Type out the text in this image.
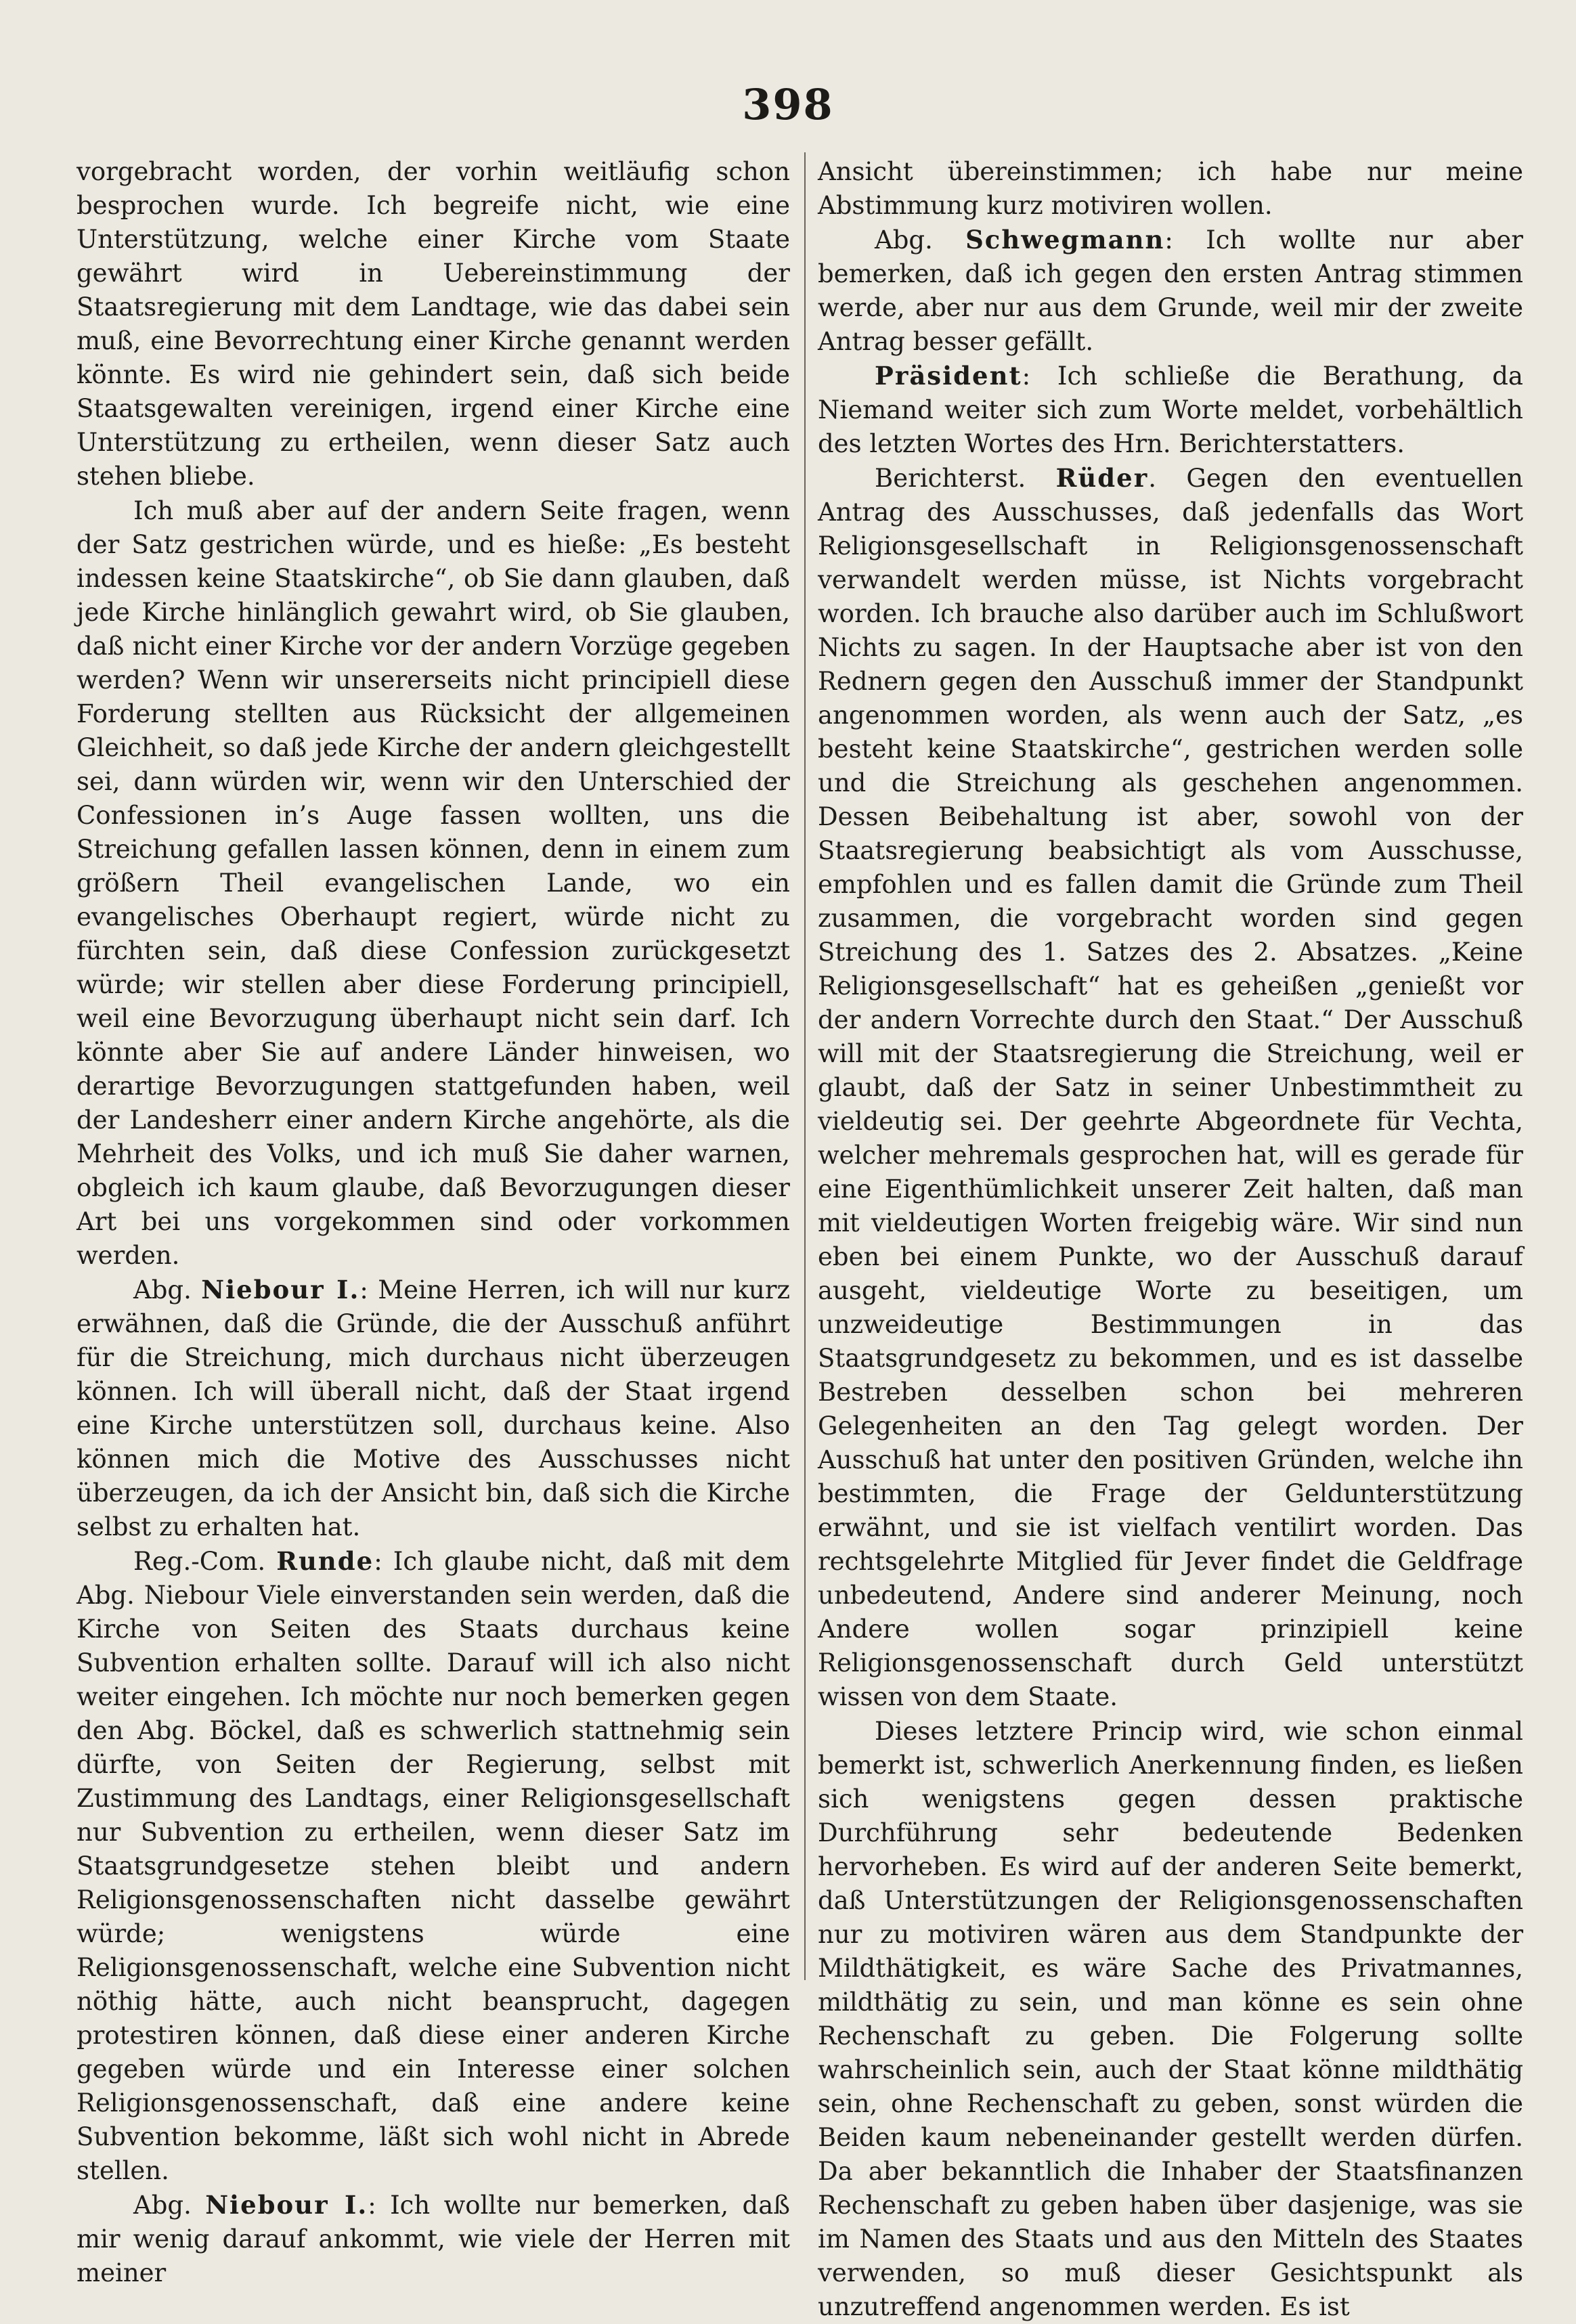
398

vorgebracht worden, der vorhin weitläufig schon besprochen wurde. Ich begreife nicht, wie eine Unterstützung, welche einer Kirche vom Staate gewährt wird in Uebereinstimmung der Staatsregierung mit dem Landtage, wie das dabei sein muß, eine Bevorrechtung einer Kirche genannt werden könnte. Es wird nie gehindert sein, daß sich beide Staatsgewalten vereinigen, irgend einer Kirche eine Unterstützung zu ertheilen, wenn dieser Satz auch stehen bliebe.

Ich muß aber auf der andern Seite fragen, wenn der Satz gestrichen würde, und es hieße: „Es besteht indessen keine Staatskirche“, ob Sie dann glauben, daß jede Kirche hinlänglich gewahrt wird, ob Sie glauben, daß nicht einer Kirche vor der andern Vorzüge gegeben werden? Wenn wir unsererseits nicht principiell diese Forderung stellten aus Rücksicht der allgemeinen Gleichheit, so daß jede Kirche der andern gleichgestellt sei, dann würden wir, wenn wir den Unterschied der Confessionen in’s Auge fassen wollten, uns die Streichung gefallen lassen können, denn in einem zum größern Theil evangelischen Lande, wo ein evangelisches Oberhaupt regiert, würde nicht zu fürchten sein, daß diese Confession zurückgesetzt würde; wir stellen aber diese Forderung principiell, weil eine Bevorzugung überhaupt nicht sein darf. Ich könnte aber Sie auf andere Länder hinweisen, wo derartige Bevorzugungen stattgefunden haben, weil der Landesherr einer andern Kirche angehörte, als die Mehrheit des Volks, und ich muß Sie daher warnen, obgleich ich kaum glaube, daß Bevorzugungen dieser Art bei uns vorgekommen sind oder vorkommen werden.

Abg. Niebour I.: Meine Herren, ich will nur kurz erwähnen, daß die Gründe, die der Ausschuß anführt für die Streichung, mich durchaus nicht überzeugen können. Ich will überall nicht, daß der Staat irgend eine Kirche unterstützen soll, durchaus keine. Also können mich die Motive des Ausschusses nicht überzeugen, da ich der Ansicht bin, daß sich die Kirche selbst zu erhalten hat.

Reg.-Com. Runde: Ich glaube nicht, daß mit dem Abg. Niebour Viele einverstanden sein werden, daß die Kirche von Seiten des Staats durchaus keine Subvention erhalten sollte. Darauf will ich also nicht weiter eingehen. Ich möchte nur noch bemerken gegen den Abg. Böckel, daß es schwerlich stattnehmig sein dürfte, von Seiten der Regierung, selbst mit Zustimmung des Landtags, einer Religionsgesellschaft nur Subvention zu ertheilen, wenn dieser Satz im Staatsgrundgesetze stehen bleibt und andern Religionsgenossenschaften nicht dasselbe gewährt würde; wenigstens würde eine Religionsgenossenschaft, welche eine Subvention nicht nöthig hätte, auch nicht beansprucht, dagegen protestiren können, daß diese einer anderen Kirche gegeben würde und ein Interesse einer solchen Religionsgenossenschaft, daß eine andere keine Subvention bekomme, läßt sich wohl nicht in Abrede stellen.

Abg. Niebour I.: Ich wollte nur bemerken, daß mir wenig darauf ankommt, wie viele der Herren mit meiner

Ansicht übereinstimmen; ich habe nur meine Abstimmung kurz motiviren wollen.

Abg. Schwegmann: Ich wollte nur aber bemerken, daß ich gegen den ersten Antrag stimmen werde, aber nur aus dem Grunde, weil mir der zweite Antrag besser gefällt.

Präsident: Ich schließe die Berathung, da Niemand weiter sich zum Worte meldet, vorbehältlich des letzten Wortes des Hrn. Berichterstatters.

Berichterst. Rüder. Gegen den eventuellen Antrag des Ausschusses, daß jedenfalls das Wort Religionsgesellschaft in Religionsgenossenschaft verwandelt werden müsse, ist Nichts vorgebracht worden. Ich brauche also darüber auch im Schlußwort Nichts zu sagen. In der Hauptsache aber ist von den Rednern gegen den Ausschuß immer der Standpunkt angenommen worden, als wenn auch der Satz, „es besteht keine Staatskirche“, gestrichen werden solle und die Streichung als geschehen angenommen. Dessen Beibehaltung ist aber, sowohl von der Staatsregierung beabsichtigt als vom Ausschusse, empfohlen und es fallen damit die Gründe zum Theil zusammen, die vorgebracht worden sind gegen Streichung des 1. Satzes des 2. Absatzes. „Keine Religionsgesellschaft“ hat es geheißen „genießt vor der andern Vorrechte durch den Staat.“ Der Ausschuß will mit der Staatsregierung die Streichung, weil er glaubt, daß der Satz in seiner Unbestimmtheit zu vieldeutig sei. Der geehrte Abgeordnete für Vechta, welcher mehremals gesprochen hat, will es gerade für eine Eigenthümlichkeit unserer Zeit halten, daß man mit vieldeutigen Worten freigebig wäre. Wir sind nun eben bei einem Punkte, wo der Ausschuß darauf ausgeht, vieldeutige Worte zu beseitigen, um unzweideutige Bestimmungen in das Staatsgrundgesetz zu bekommen, und es ist dasselbe Bestreben desselben schon bei mehreren Gelegenheiten an den Tag gelegt worden. Der Ausschuß hat unter den positiven Gründen, welche ihn bestimmten, die Frage der Geldunterstützung erwähnt, und sie ist vielfach ventilirt worden. Das rechtsgelehrte Mitglied für Jever findet die Geldfrage unbedeutend, Andere sind anderer Meinung, noch Andere wollen sogar prinzipiell keine Religionsgenossenschaft durch Geld unterstützt wissen von dem Staate.

Dieses letztere Princip wird, wie schon einmal bemerkt ist, schwerlich Anerkennung finden, es ließen sich wenigstens gegen dessen praktische Durchführung sehr bedeutende Bedenken hervorheben. Es wird auf der anderen Seite bemerkt, daß Unterstützungen der Religionsgenossenschaften nur zu motiviren wären aus dem Standpunkte der Mildthätigkeit, es wäre Sache des Privatmannes, mildthätig zu sein, und man könne es sein ohne Rechenschaft zu geben. Die Folgerung sollte wahrscheinlich sein, auch der Staat könne mildthätig sein, ohne Rechenschaft zu geben, sonst würden die Beiden kaum nebeneinander gestellt werden dürfen. Da aber bekanntlich die Inhaber der Staatsfinanzen Rechenschaft zu geben haben über dasjenige, was sie im Namen des Staats und aus den Mitteln des Staates verwenden, so muß dieser Gesichtspunkt als unzutreffend angenommen werden. Es ist
